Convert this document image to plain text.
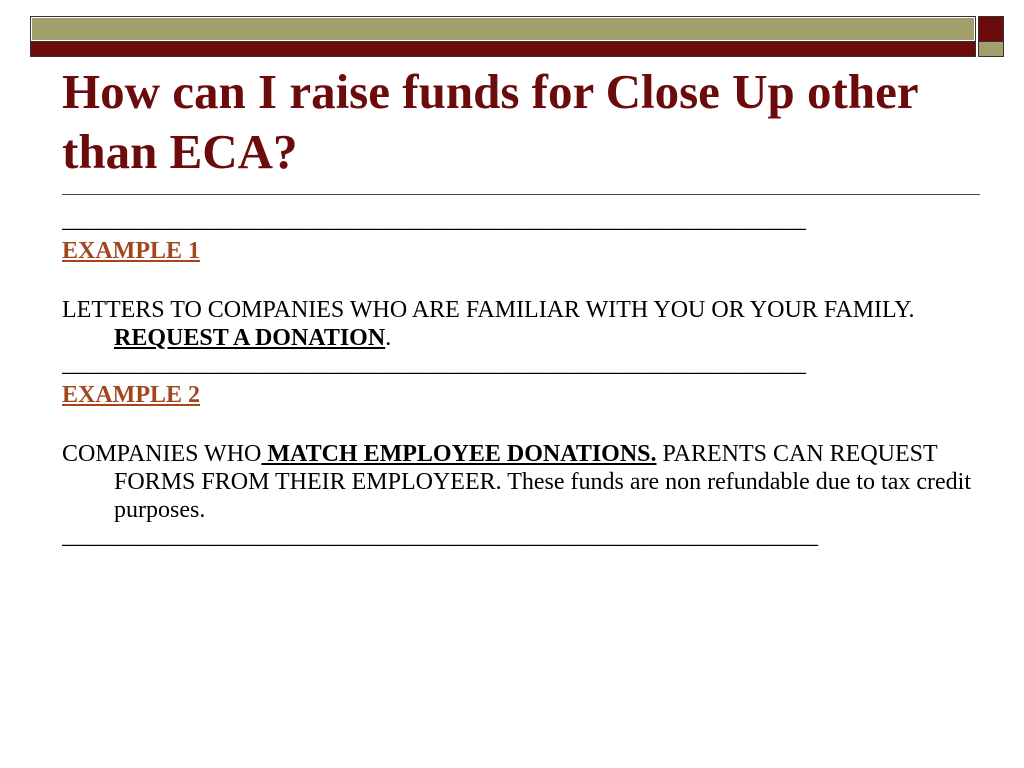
How can I raise funds for Close Up other than ECA?

______________________________________________________________

EXAMPLE 1

LETTERS TO COMPANIES WHO ARE FAMILIAR WITH YOU OR YOUR FAMILY. REQUEST A DONATION.

______________________________________________________________

EXAMPLE 2

COMPANIES WHO MATCH EMPLOYEE DONATIONS. PARENTS CAN REQUEST FORMS FROM THEIR EMPLOYEER. These funds are non refundable due to tax credit purposes.

_______________________________________________________________
